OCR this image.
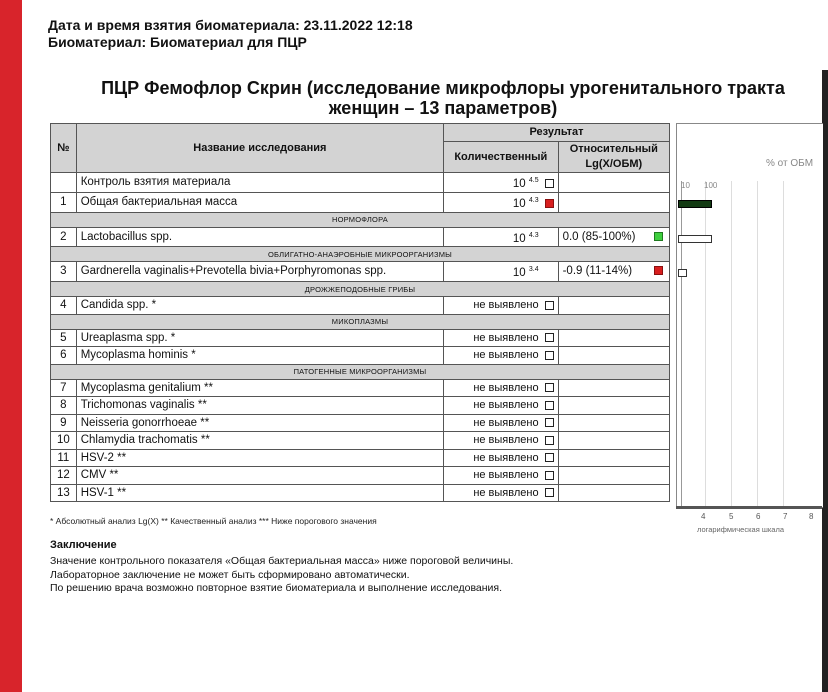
Дата и время взятия биоматериала: 23.11.2022 12:18
Биоматериал: Биоматериал для ПЦР
ПЦР Фемофлор Скрин (исследование микрофлоры урогенитального тракта
женщин – 13 параметров)
№	Название исследования	Результат	
		Количественный	Относительный
Lg(X/ОБМ)

	Контроль взятия материала	10 $^{4.5}$	
1	Общая бактериальная масса	10 $^{4.3}$	
НОРМОФЛОРА			
2	Lactobacillus spp.	10 $^{4.3}$	0.0 (85-100%)

ОБЛИГАТНО-АНАЭРОБНЫЕ МИКРООРГАНИЗМЫ			
3	Gardnerella vaginalis+Prevotella bivia+Porphyromonas spp.	10 $^{3.4}$	-0.9 (11-14%)

ДРОЖЖЕПОДОБНЫЕ ГРИБЫ			
4	Candida spp. *	не выявлено	
МИКОПЛАЗМЫ			
5	Ureaplasma spp. *	не выявлено	
6	Mycoplasma hominis *	не выявлено	
ПАТОГЕННЫЕ МИКРООРГАНИЗМЫ			
7	Mycoplasma genitalium **	не выявлено	
8	Trichomonas vaginalis **	не выявлено	
9	Neisseria gonorrhoeae **	не выявлено	
10	Chlamydia trachomatis **	не выявлено	
11	HSV-2 **	не выявлено	
12	CMV **	не выявлено	
13	HSV-1 **	не выявлено	
% от ОБМ
10 100
4	5	6	7	8
логарифмическая шкала
* Абсолютный анализ Lg(X) ** Качественный анализ *** Ниже порогового значения
Заключение
Значение контрольного показателя «Общая бактериальная масса» ниже пороговой величины.
Лабораторное заключение не может быть сформировано автоматически.
По решению врача возможно повторное взятие биоматериала и выполнение исследования.
